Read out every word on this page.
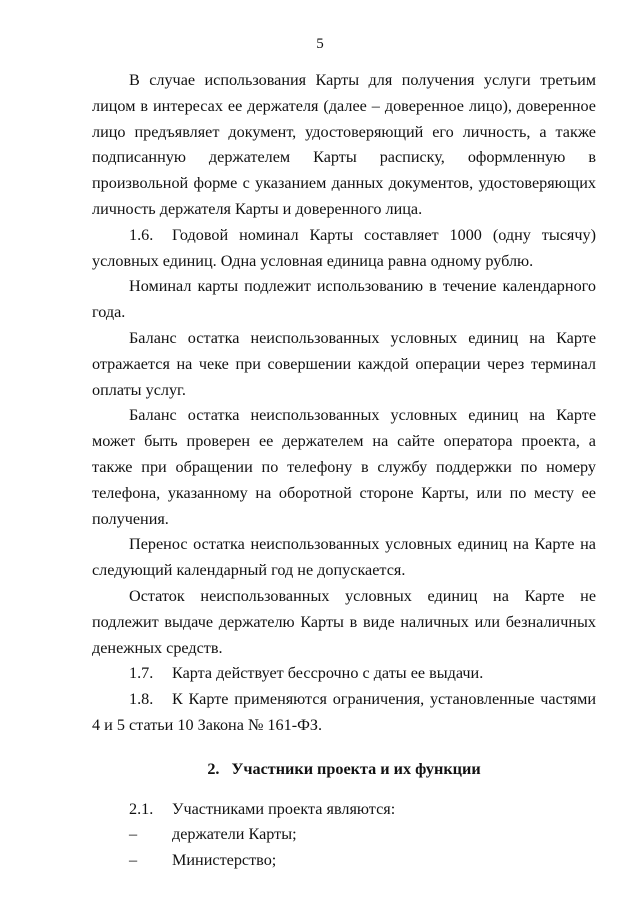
5

В случае использования Карты для получения услуги третьим лицом в интересах ее держателя (далее – доверенное лицо), доверенное лицо предъявляет документ, удостоверяющий его личность, а также подписанную держателем Карты расписку, оформленную в произвольной форме с указанием данных документов, удостоверяющих личность держателя Карты и доверенного лица.

1.6. Годовой номинал Карты составляет 1000 (одну тысячу) условных единиц. Одна условная единица равна одному рублю.

Номинал карты подлежит использованию в течение календарного года.

Баланс остатка неиспользованных условных единиц на Карте отражается на чеке при совершении каждой операции через терминал оплаты услуг.

Баланс остатка неиспользованных условных единиц на Карте может быть проверен ее держателем на сайте оператора проекта, а также при обращении по телефону в службу поддержки по номеру телефона, указанному на оборотной стороне Карты, или по месту ее получения.

Перенос остатка неиспользованных условных единиц на Карте на следующий календарный год не допускается.

Остаток неиспользованных условных единиц на Карте не подлежит выдаче держателю Карты в виде наличных или безналичных денежных средств.

1.7. Карта действует бессрочно с даты ее выдачи.

1.8. К Карте применяются ограничения, установленные частями 4 и 5 статьи 10 Закона № 161-ФЗ.

2. Участники проекта и их функции

2.1. Участниками проекта являются:

–	держатели Карты;
–	Министерство;
